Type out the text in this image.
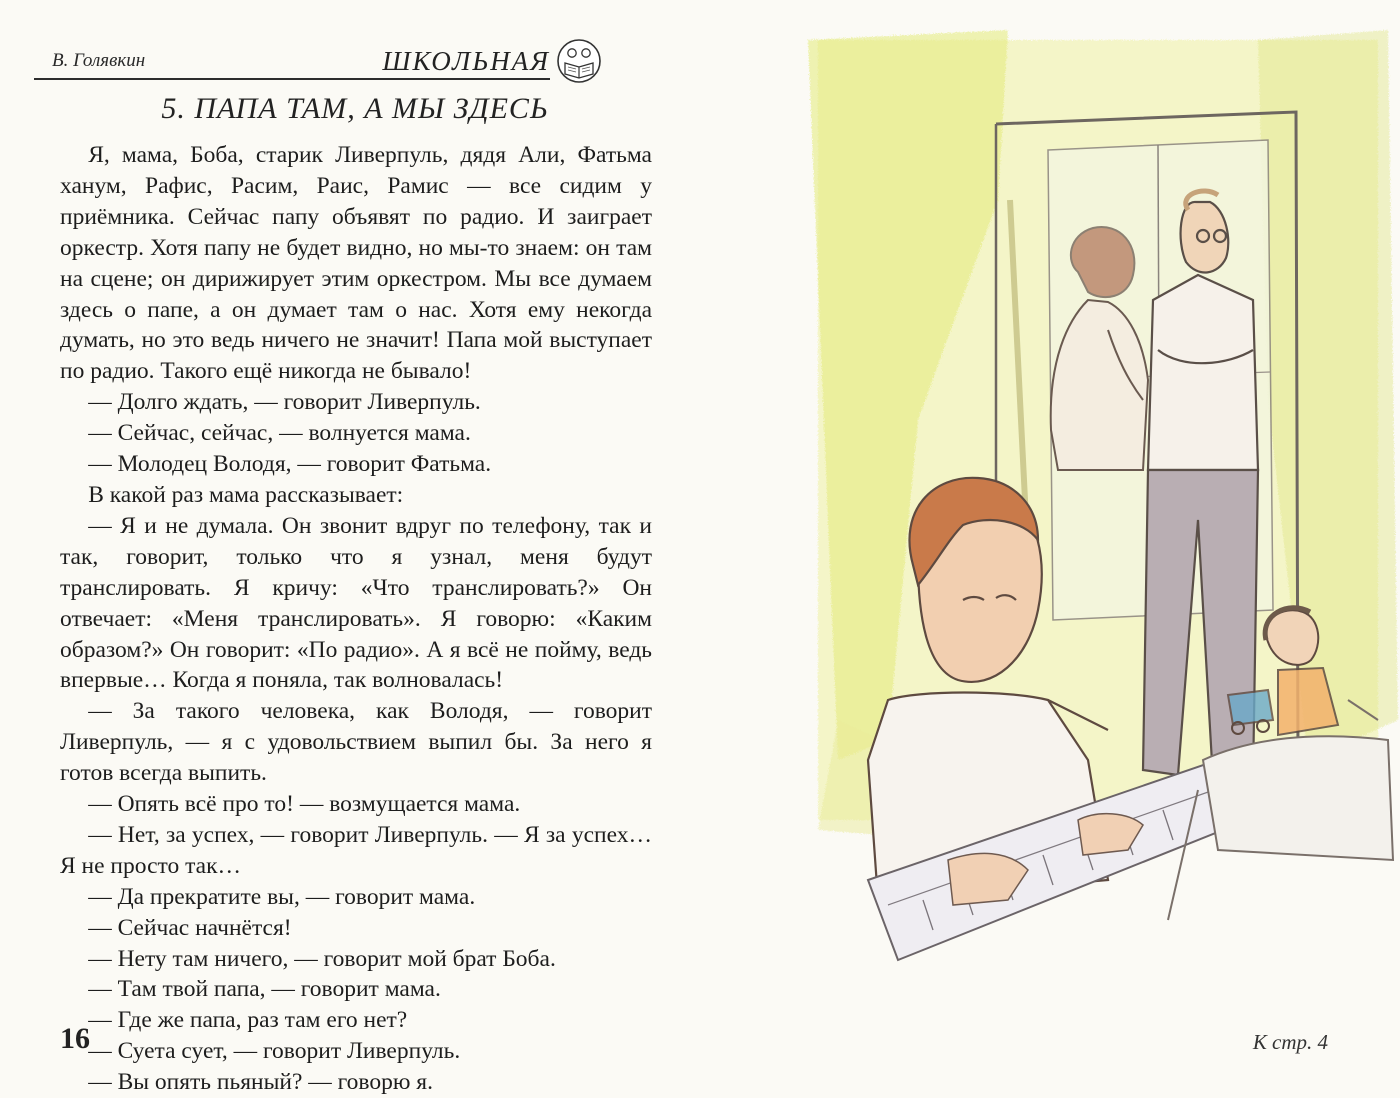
В. Голявкин	ШКОЛЬНАЯ
5. ПАПА ТАМ, А МЫ ЗДЕСЬ

Я, мама, Боба, старик Ливерпуль, дядя Али, Фатьма ханум, Рафис, Расим, Раис, Рамис — все сидим у приёмника. Сейчас папу объявят по радио. И заиграет оркестр. Хотя папу не будет видно, но мы-то знаем: он там на сцене; он дирижирует этим оркестром. Мы все думаем здесь о папе, а он думает там о нас. Хотя ему некогда думать, но это ведь ничего не значит! Папа мой выступает по радио. Такого ещё никогда не бывало!

— Долго ждать, — говорит Ливерпуль.

— Сейчас, сейчас, — волнуется мама.

— Молодец Володя, — говорит Фатьма.

В какой раз мама рассказывает:

— Я и не думала. Он звонит вдруг по телефону, так и так, говорит, только что я узнал, меня будут транслировать. Я кричу: «Что транслировать?» Он отвечает: «Меня транслировать». Я говорю: «Каким образом?» Он говорит: «По радио». А я всё не пойму, ведь впервые… Когда я поняла, так волновалась!

— За такого человека, как Володя, — говорит Ливерпуль, — я с удовольствием выпил бы. За него я готов всегда выпить.

— Опять всё про то! — возмущается мама.

— Нет, за успех, — говорит Ливерпуль. — Я за успех… Я не просто так…

— Да прекратите вы, — говорит мама.

— Сейчас начнётся!

— Нету там ничего, — говорит мой брат Боба.

— Там твой папа, — говорит мама.

— Где же папа, раз там его нет?

— Суета сует, — говорит Ливерпуль.

— Вы опять пьяный? — говорю я.

16	К стр. 4
